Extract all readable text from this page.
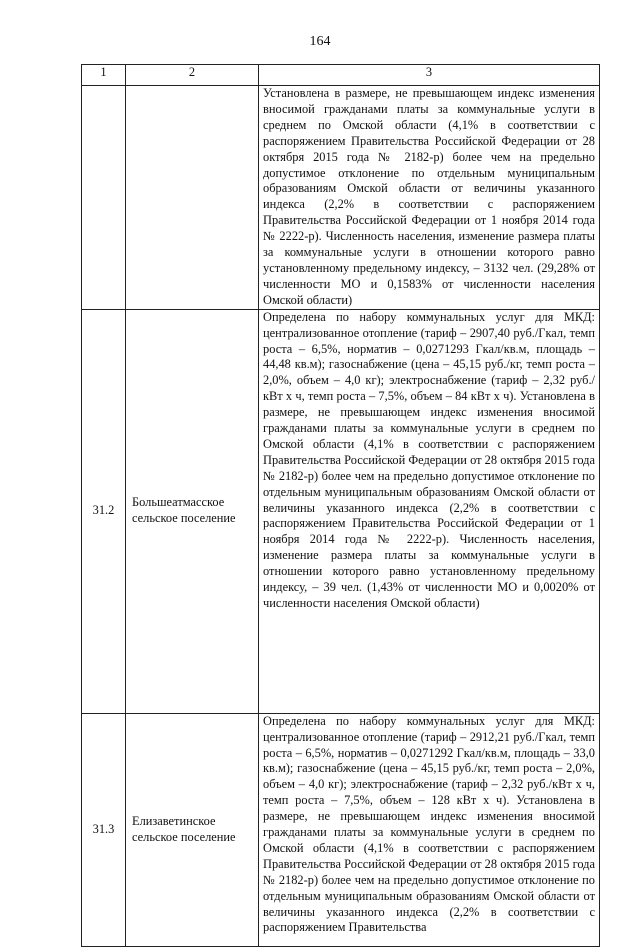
164
1	2	3
		Установлена в размере, не превышающем индекс изменения вносимой гражданами платы за коммунальные услуги в среднем по Омской области (4,1% в соответствии с распоряжением Правительства Российской Федерации от 28 октября 2015 года № 2182-р) более чем на предельно допустимое отклонение по отдельным муниципальным образованиям Омской области от величины указанного индекса (2,2% в соответствии с распоряжением Правительства Российской Федерации от 1 ноября 2014 года № 2222-р). Численность населения, изменение размера платы за коммунальные услуги в отношении которого равно установленному предельному индексу, – 3132 чел. (29,28% от численности МО и 0,1583% от численности населения Омской области)
31.2	Большеатмасское сельское поселение	Определена по набору коммунальных услуг для МКД: централизованное отопление (тариф – 2907,40 руб./Гкал, темп роста – 6,5%, норматив – 0,0271293 Гкал/кв.м, площадь – 44,48 кв.м); газоснабжение (цена – 45,15 руб./кг, темп роста – 2,0%, объем – 4,0 кг); электроснабжение (тариф – 2,32 руб./кВт х ч, темп роста – 7,5%, объем – 84 кВт х ч). Установлена в размере, не превышающем индекс изменения вносимой гражданами платы за коммунальные услуги в среднем по Омской области (4,1% в соответствии с распоряжением Правительства Российской Федерации от 28 октября 2015 года № 2182-р) более чем на предельно допустимое отклонение по отдельным муниципальным образованиям Омской области от величины указанного индекса (2,2% в соответствии с распоряжением Правительства Российской Федерации от 1 ноября 2014 года № 2222-р). Численность населения, изменение размера платы за коммунальные услуги в отношении которого равно установленному предельному индексу, – 39 чел. (1,43% от численности МО и 0,0020% от численности населения Омской области)
31.3	Елизаветинское сельское поселение	Определена по набору коммунальных услуг для МКД: централизованное отопление (тариф – 2912,21 руб./Гкал, темп роста – 6,5%, норматив – 0,0271292 Гкал/кв.м, площадь – 33,0 кв.м); газоснабжение (цена – 45,15 руб./кг, темп роста – 2,0%, объем – 4,0 кг); электроснабжение (тариф – 2,32 руб./кВт х ч, темп роста – 7,5%, объем – 128 кВт х ч). Установлена в размере, не превышающем индекс изменения вносимой гражданами платы за коммунальные услуги в среднем по Омской области (4,1% в соответствии с распоряжением Правительства Российской Федерации от 28 октября 2015 года № 2182-р) более чем на предельно допустимое отклонение по отдельным муниципальным образованиям Омской области от величины указанного индекса (2,2% в соответствии с распоряжением Правительства
